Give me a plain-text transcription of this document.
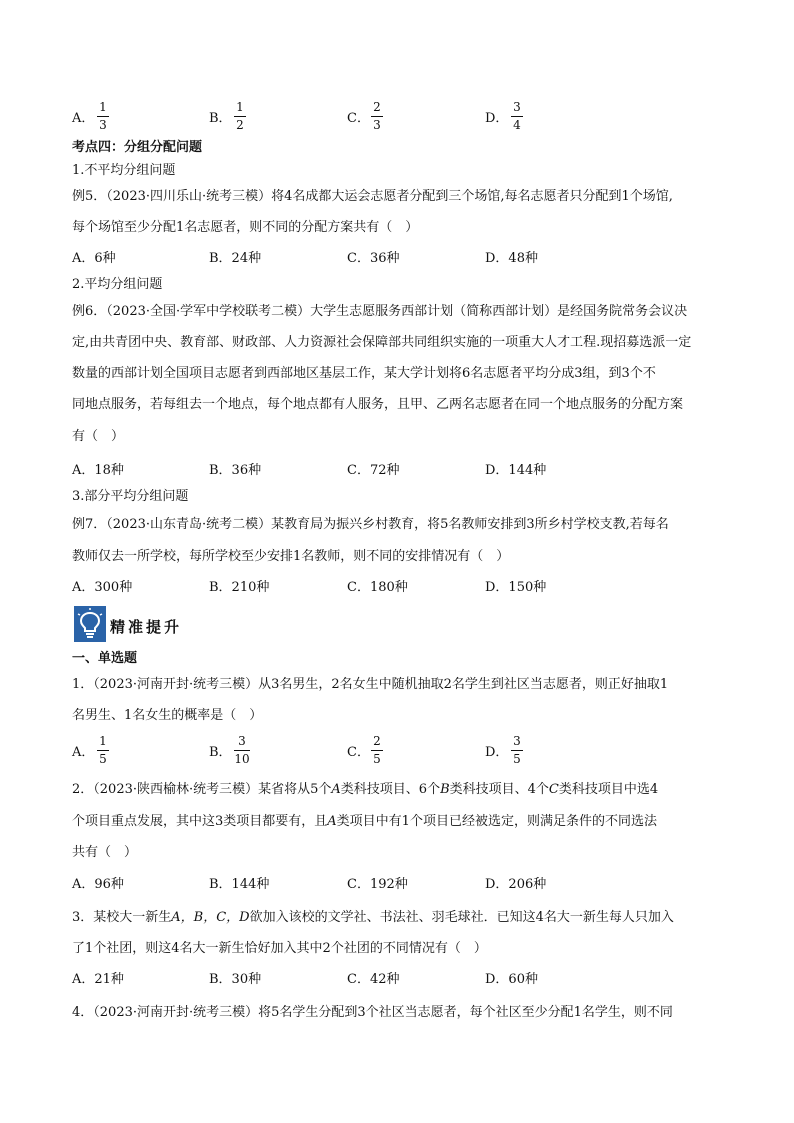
A．
1
3	B．
1
2	C．
2
3	D．
3
4
考点四：分组分配问题
1.不平均分组问题
例5．（2023·四川乐山·统考三模）将4名成都大运会志愿者分配到三个场馆,每名志愿者只分配到1个场馆,
每个场馆至少分配1名志愿者，则不同的分配方案共有（　）
A．6种	B．24种	C．36种	D．48种
2.平均分组问题
例6．（2023·全国·学军中学校联考二模）大学生志愿服务西部计划（简称西部计划）是经国务院常务会议决
定,由共青团中央、教育部、财政部、人力资源社会保障部共同组织实施的一项重大人才工程.现招募选派一定
数量的西部计划全国项目志愿者到西部地区基层工作，某大学计划将6名志愿者平均分成3组，到3个不
同地点服务，若每组去一个地点，每个地点都有人服务，且甲、乙两名志愿者在同一个地点服务的分配方案
有（　）
A．18种	B．36种	C．72种	D．144种
3.部分平均分组问题
例7．（2023·山东青岛·统考二模）某教育局为振兴乡村教育，将5名教师安排到3所乡村学校支教,若每名
教师仅去一所学校，每所学校至少安排1名教师，则不同的安排情况有（　）
A．300种	B．210种	C．180种	D．150种
精准提升
一、单选题
1．（2023·河南开封·统考三模）从3名男生，2名女生中随机抽取2名学生到社区当志愿者，则正好抽取1
名男生、1名女生的概率是（　）
A．
1
5	B．
3
10	C．
2
5	D．
3
5
2．（2023·陕西榆林·统考三模）某省将从5个A类科技项目、6个B类科技项目、4个C类科技项目中选4
个项目重点发展，其中这3类项目都要有，且A类项目中有1个项目已经被选定，则满足条件的不同选法
共有（　）
A．96种	B．144种	C．192种	D．206种
3．某校大一新生A，B，C，D欲加入该校的文学社、书法社、羽毛球社．已知这4名大一新生每人只加入
了1个社团，则这4名大一新生恰好加入其中2个社团的不同情况有（　）
A．21种	B．30种	C．42种	D．60种
4．（2023·河南开封·统考三模）将5名学生分配到3个社区当志愿者，每个社区至少分配1名学生，则不同
